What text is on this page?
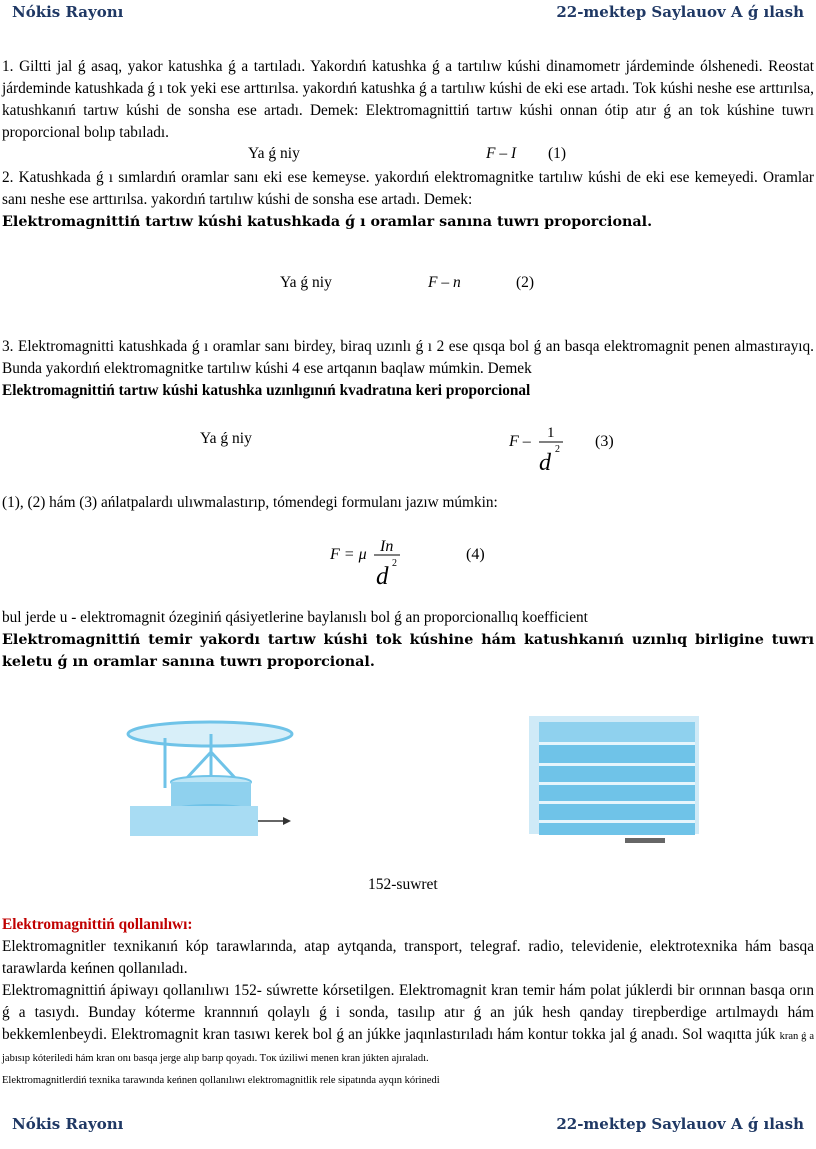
Nókis Rayonı	22-mektep Saylauov A ǵ ılash

1. Giltti jal ǵ asaq, yakor katushka ǵ a tartıladı. Yakordıń katushka ǵ a tartılıw kúshi dinamometr járdeminde ólshenedi. Reostat járdeminde katushkada ǵ ı tok yeki ese arttırılsa. yakordıń katushka ǵ a tartılıw kúshi de eki ese artadı. Tok kúshi neshe ese arttırılsa, katushkanıń tartıw kúshi de sonsha ese artadı. Demek: Elektromagnittiń tartıw kúshi onnan ótip atır ǵ an tok kúshine tuwrı proporcional bolıp tabıladı.

Ya ǵ niy	F – I (1)

2. Katushkada ǵ ı sımlardıń oramlar sanı eki ese kemeyse. yakordıń elektromagnitke tartılıw kúshi de eki ese kemeyedi. Oramlar sanı neshe ese arttırılsa. yakordıń tartılıw kúshi de sonsha ese artadı. Demek:
Elektromagnittiń tartıw kúshi katushkada ǵ ı oramlar sanına tuwrı proporcional.

Ya ǵ niy	F – n	(2)

3. Elektromagnitti katushkada ǵ ı oramlar sanı birdey, biraq uzınlı ǵ ı 2 ese qısqa bol ǵ an basqa elektromagnit penen almastırayıq. Bunda yakordıń elektromagnitke tartılıw kúshi 4 ese artqanın baqlaw múmkin. Demek
Elektromagnittiń tartıw kúshi katushka uzınlıgınıń kvadratına keri proporcional

Ya ǵ niy	F – 1
d
2 (3)

(1), (2) hám (3) ańlatpalardı ulıwmalastırıp, tómendegi formulanı jazıw múmkin:

F = μ In
d 2
(4)

bul jerde u - elektromagnit ózeginiń qásiyetlerine baylanıslı bol ǵ an proporcionallıq koefficient
Elektromagnittiń temir yakordı tartıw kúshi tok kúshine hám katushkanıń uzınlıq birligine tuwrı keletu ǵ ın oramlar sanına tuwrı proporcional.

152-suwret

Elektromagnittiń qollanılıwı:
Elektromagnitler texnikanıń kóp tarawlarında, atap aytqanda, transport, telegraf. radio, televidenie, elektrotexnika hám basqa tarawlarda keńnen qollanıladı.
Elektromagnittiń ápiwayı qollanılıwı 152- súwrette kórsetilgen. Elektromagnit kran temir hám polat júklerdi bir orınnan basqa orın ǵ a tasıydı. Bunday kóterme krannnıń qolaylı ǵ i sonda, tasılıp atır ǵ an júk hesh qanday tirepberdige artılmaydı hám bekkemlenbeydi. Elektromagnit kran tasıwı kerek bol ǵ an júkke jaqınlastırıladı hám kontur tokka jal ǵ anadı. Sol waqıtta júk kran ǵ a jabısıp kóteriledi hám kran onı basqa jerge alıp barıp qoyadı. Tок úziliwi menen kran júkten ajıraladı.
Elektromagnitlerdiń texnika tarawında keńnen qollanılıwı elektromagnitlik rele sipatında ayqın kórinedi

Nókis Rayonı	22-mektep Saylauov A ǵ ılash
